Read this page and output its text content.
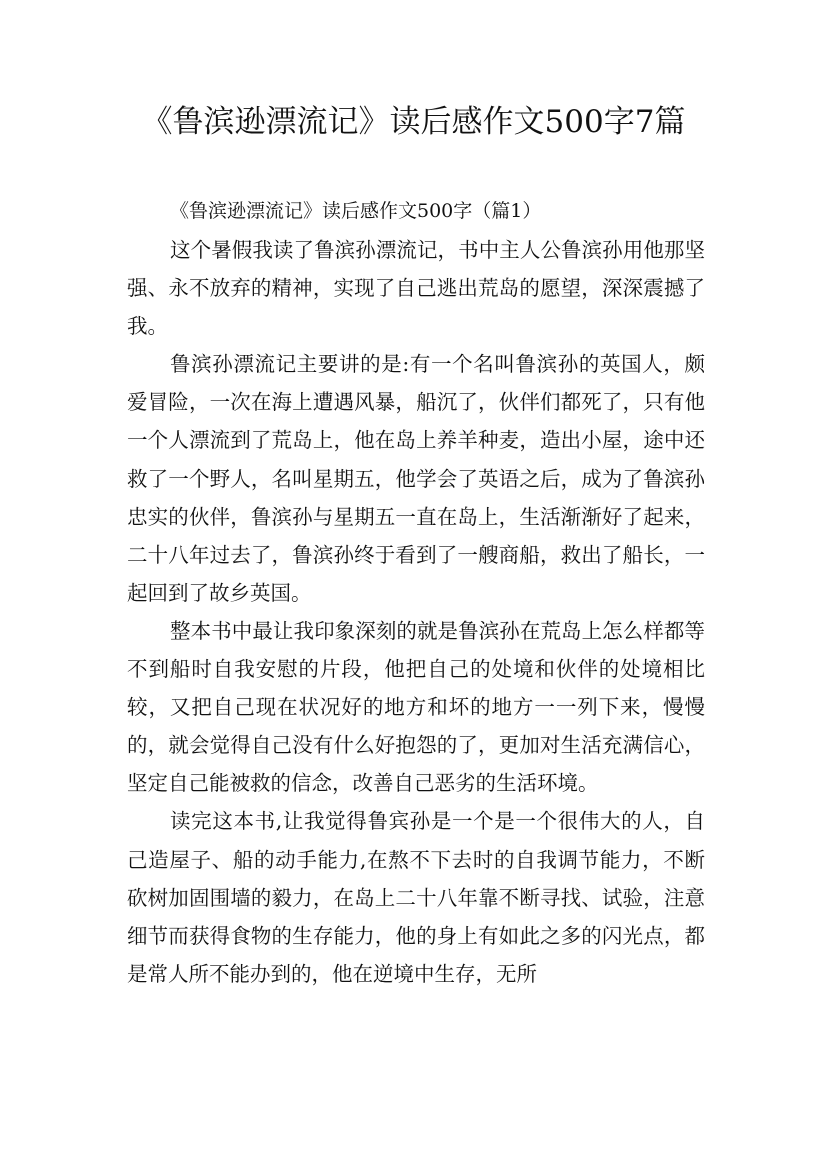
《鲁滨逊漂流记》读后感作文500字7篇

《鲁滨逊漂流记》读后感作文500字（篇1）

这个暑假我读了鲁滨孙漂流记，书中主人公鲁滨孙用他那坚强、永不放弃的精神，实现了自己逃出荒岛的愿望，深深震撼了我。

鲁滨孙漂流记主要讲的是:有一个名叫鲁滨孙的英国人，颇爱冒险，一次在海上遭遇风暴，船沉了，伙伴们都死了，只有他一个人漂流到了荒岛上，他在岛上养羊种麦，造出小屋，途中还救了一个野人，名叫星期五，他学会了英语之后，成为了鲁滨孙忠实的伙伴，鲁滨孙与星期五一直在岛上，生活渐渐好了起来，二十八年过去了，鲁滨孙终于看到了一艘商船，救出了船长，一起回到了故乡英国。

整本书中最让我印象深刻的就是鲁滨孙在荒岛上怎么样都等不到船时自我安慰的片段，他把自己的处境和伙伴的处境相比较，又把自己现在状况好的地方和坏的地方一一列下来，慢慢的，就会觉得自己没有什么好抱怨的了，更加对生活充满信心，坚定自己能被救的信念，改善自己恶劣的生活环境。

读完这本书,让我觉得鲁宾孙是一个是一个很伟大的人，自己造屋子、船的动手能力,在熬不下去时的自我调节能力，不断砍树加固围墙的毅力，在岛上二十八年靠不断寻找、试验，注意细节而获得食物的生存能力，他的身上有如此之多的闪光点，都是常人所不能办到的，他在逆境中生存，无所
